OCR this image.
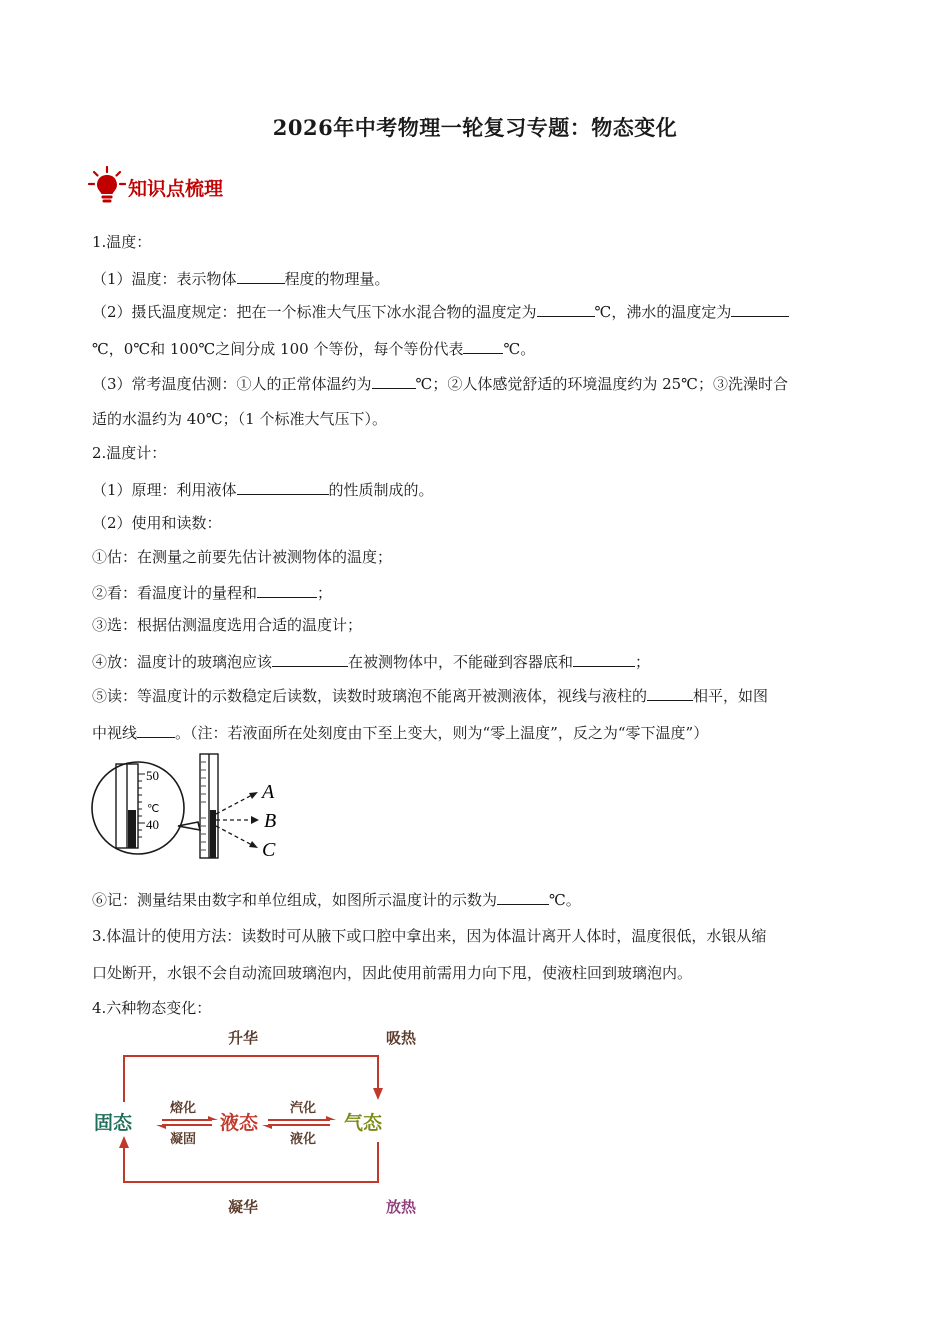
2026年中考物理一轮复习专题：物态变化
知识点梳理
1.温度：
（1）温度：表示物体	程度的物理量。
（2）摄氏温度规定：把在一个标准大气压下冰水混合物的温度定为	℃，沸水的温度定为
℃，0℃和 100℃之间分成 100 个等份，每个等份代表	℃。
（3）常考温度估测：①人的正常体温约为	℃；②人体感觉舒适的环境温度约为 25℃；③洗澡时合
适的水温约为 40℃；（1 个标准大气压下）。
2.温度计：
（1）原理：利用液体	的性质制成的。
（2）使用和读数：
①估：在测量之前要先估计被测物体的温度；
②看：看温度计的量程和	；
③选：根据估测温度选用合适的温度计；
④放：温度计的玻璃泡应该	在被测物体中，不能碰到容器底和	；
⑤读：等温度计的示数稳定后读数，读数时玻璃泡不能离开被测液体，视线与液柱的	相平，如图
中视线	。（注：若液面所在处刻度由下至上变大，则为“零上温度”，反之为“零下温度”）
50
℃
40
A
B
C
⑥记：测量结果由数字和单位组成，如图所示温度计的示数为	℃。
3.体温计的使用方法：读数时可从腋下或口腔中拿出来，因为体温计离开人体时，温度很低，水银从缩
口处断开，水银不会自动流回玻璃泡内，因此使用前需用力向下甩，使液柱回到玻璃泡内。
4.六种物态变化：
升华	吸热
固态	液态	气态
熔化
凝固
汽化
液化
凝华	放热
